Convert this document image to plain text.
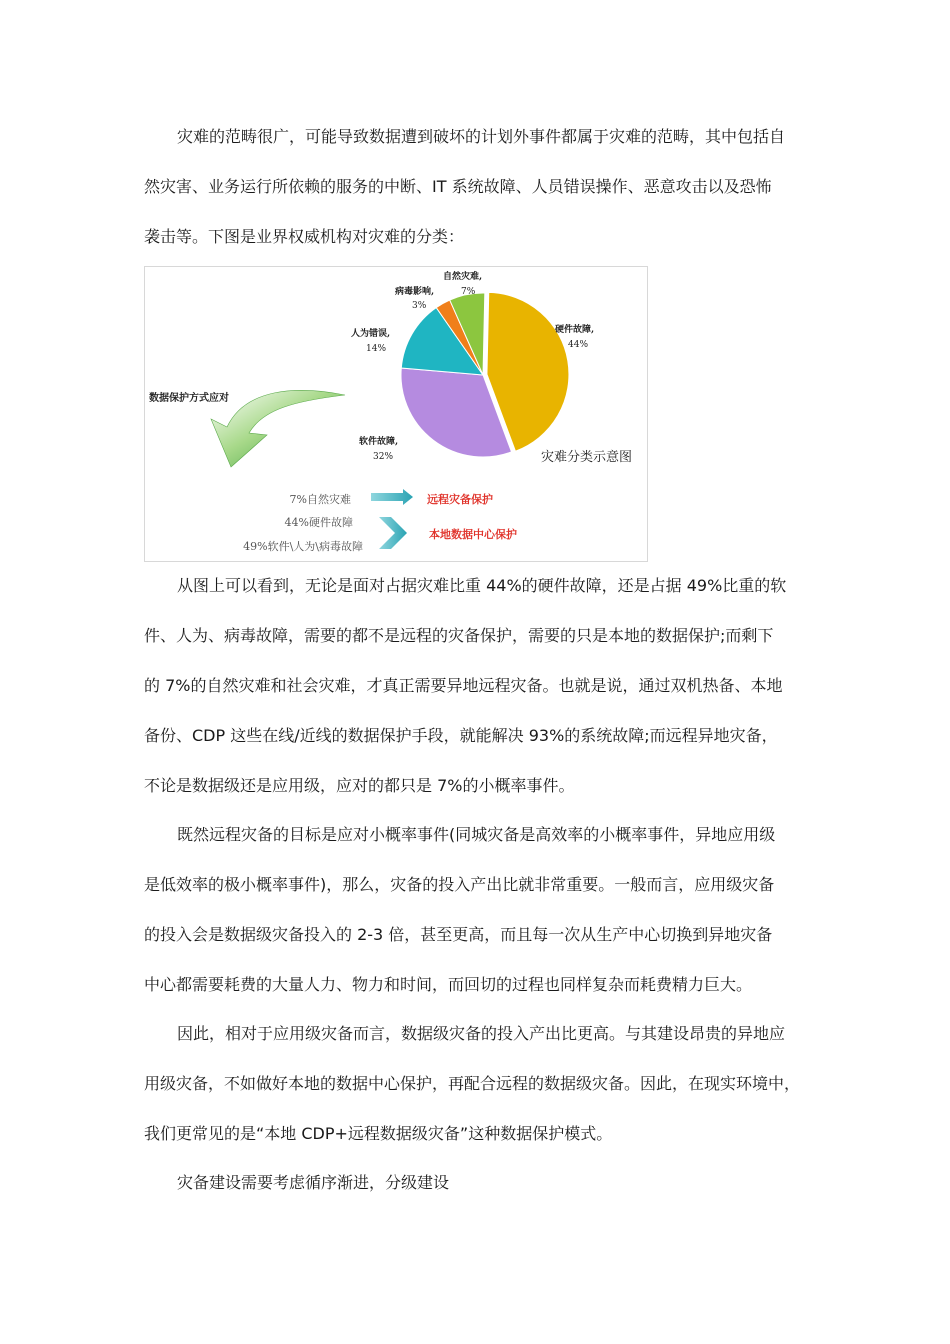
灾难的范畴很广，可能导致数据遭到破坏的计划外事件都属于灾难的范畴，其中包括自
然灾害、业务运行所依赖的服务的中断、IT 系统故障、人员错误操作、恶意攻击以及恐怖
袭击等。下图是业界权威机构对灾难的分类：

硬件故障,
44%
软件故障,
32%
人为错误,
14%
病毒影响,
3%
自然灾难,
7%
灾难分类示意图
数据保护方式应对
7%自然灾难
44%硬件故障
49%软件\人为\病毒故障
远程灾备保护
本地数据中心保护

从图上可以看到，无论是面对占据灾难比重 44%的硬件故障，还是占据 49%比重的软
件、人为、病毒故障，需要的都不是远程的灾备保护，需要的只是本地的数据保护;而剩下
的 7%的自然灾难和社会灾难，才真正需要异地远程灾备。也就是说，通过双机热备、本地
备份、CDP 这些在线/近线的数据保护手段，就能解决 93%的系统故障;而远程异地灾备，
不论是数据级还是应用级，应对的都只是 7%的小概率事件。

既然远程灾备的目标是应对小概率事件(同城灾备是高效率的小概率事件，异地应用级
是低效率的极小概率事件)，那么，灾备的投入产出比就非常重要。一般而言，应用级灾备
的投入会是数据级灾备投入的 2-3 倍，甚至更高，而且每一次从生产中心切换到异地灾备
中心都需要耗费的大量人力、物力和时间，而回切的过程也同样复杂而耗费精力巨大。

因此，相对于应用级灾备而言，数据级灾备的投入产出比更高。与其建设昂贵的异地应
用级灾备，不如做好本地的数据中心保护，再配合远程的数据级灾备。因此，在现实环境中，
我们更常见的是“本地 CDP+远程数据级灾备”这种数据保护模式。

灾备建设需要考虑循序渐进，分级建设
